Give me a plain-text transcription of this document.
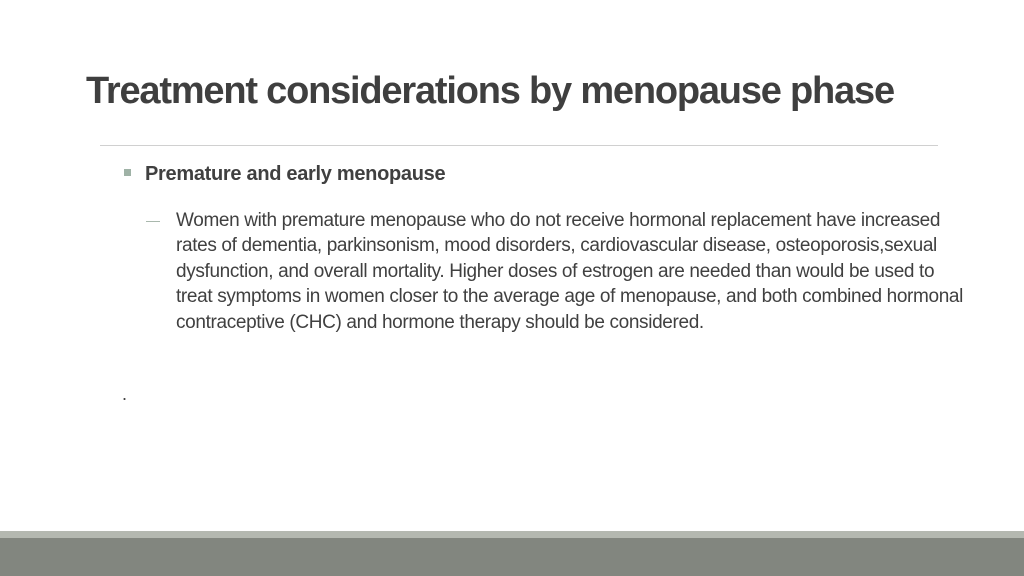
Treatment considerations by menopause phase
Premature and early menopause
Women with premature menopause who do not receive hormonal replacement have increased rates of dementia, parkinsonism, mood disorders, cardiovascular disease, osteoporosis,sexual dysfunction, and overall mortality. Higher doses of estrogen are needed than would be used to treat symptoms in women closer to the average age of menopause, and both combined hormonal contraceptive (CHC) and hormone therapy should be considered.
.
